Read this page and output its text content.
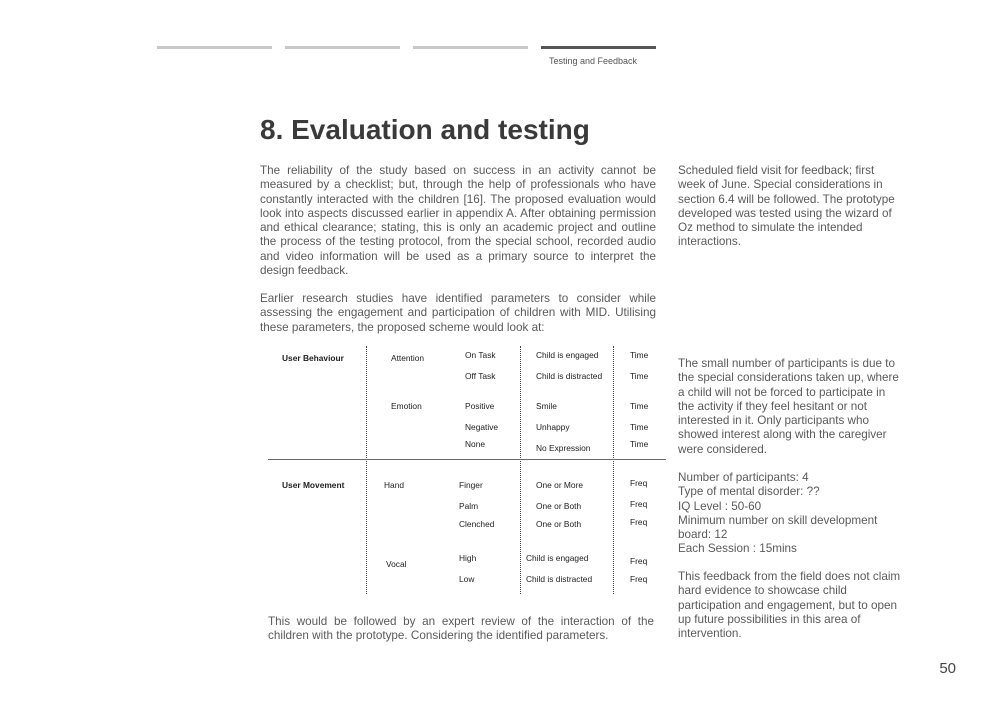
Testing and Feedback
8. Evaluation and testing

The reliability of the study based on success in an activity cannot be measured by a checklist; but, through the help of professionals who have constantly interacted with the children [16]. The proposed evaluation would look into aspects discussed earlier in appendix A. After obtaining permission and ethical clearance; stating, this is only an academic project and outline the process of the testing protocol, from the special school, recorded audio and video information will be used as a primary source to interpret the design feedback.

Earlier research studies have identified parameters to consider while assessing the engagement and participation of children with MID. Utilising these parameters, the proposed scheme would look at:

This would be followed by an expert review of the interaction of the children with the prototype. Considering the identified parameters.

Scheduled field visit for feedback; first week of June. Special considerations in section 6.4 will be followed. The prototype developed was tested using the wizard of Oz method to simulate the intended interactions.

The small number of participants is due to the special considerations taken up, where a child will not be forced to participate in the activity if they feel hesitant or not interested in it. Only participants who showed interest along with the caregiver were considered.

Number of participants: 4
Type of mental disorder: ??
IQ Level : 50-60
Minimum number on skill development board: 12
Each Session : 15mins

This feedback from the field does not claim hard evidence to showcase child participation and engagement, but to open up future possibilities in this area of intervention.

User Behaviour	Attention
Emotion
On Task
Off Task
Positive
Negative
None
Child is engaged
Child is distracted
Smile
Unhappy
No Expression
Time
Time
Time
Time
Time
User Movement	Hand
Vocal
Finger
Palm
Clenched
High
Low
One or More
One or Both
One or Both
Child is engaged
Child is distracted
Freq
Freq
Freq
Freq
Freq
50
